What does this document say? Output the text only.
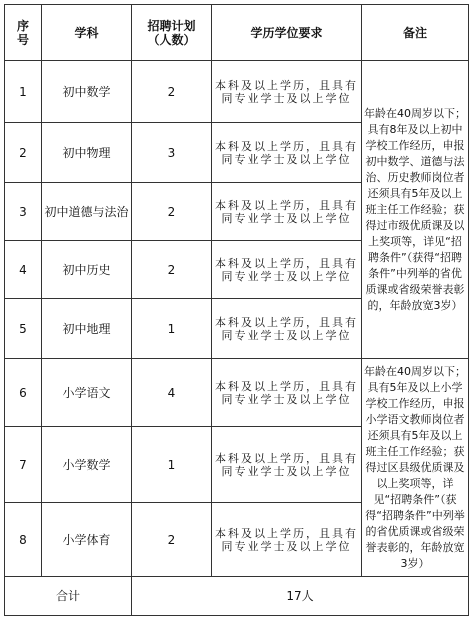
序号	学科	招聘计划（人数）	学历学位要求	备注
1	初中数学	2	本科及以上学历，且具有同专业学士及以上学位	年龄在40周岁以下；具有8年及以上初中学校工作经历，申报初中数学、道德与法治、历史教师岗位者还须具有5年及以上班主任工作经验；获得过市级优质课及以上奖项等，详见“招聘条件”（获得“招聘条件”中列举的省优质课或省级荣誉表彰的，年龄放宽3岁）
2	初中物理	3	本科及以上学历，且具有同专业学士及以上学位	
3	初中道德与法治	2	本科及以上学历，且具有同专业学士及以上学位	
4	初中历史	2	本科及以上学历，且具有同专业学士及以上学位	
5	初中地理	1	本科及以上学历，且具有同专业学士及以上学位	
6	小学语文	4	本科及以上学历，且具有同专业学士及以上学位	年龄在40周岁以下；具有5年及以上小学学校工作经历，申报小学语文教师岗位者还须具有5年及以上班主任工作经验；获得过区县级优质课及以上奖项等，详见“招聘条件”（获得“招聘条件”中列举的省优质课或省级荣誉表彰的，年龄放宽3岁）
7	小学数学	1	本科及以上学历，且具有同专业学士及以上学位	
8	小学体育	2	本科及以上学历，且具有同专业学士及以上学位	
合计		17人		
